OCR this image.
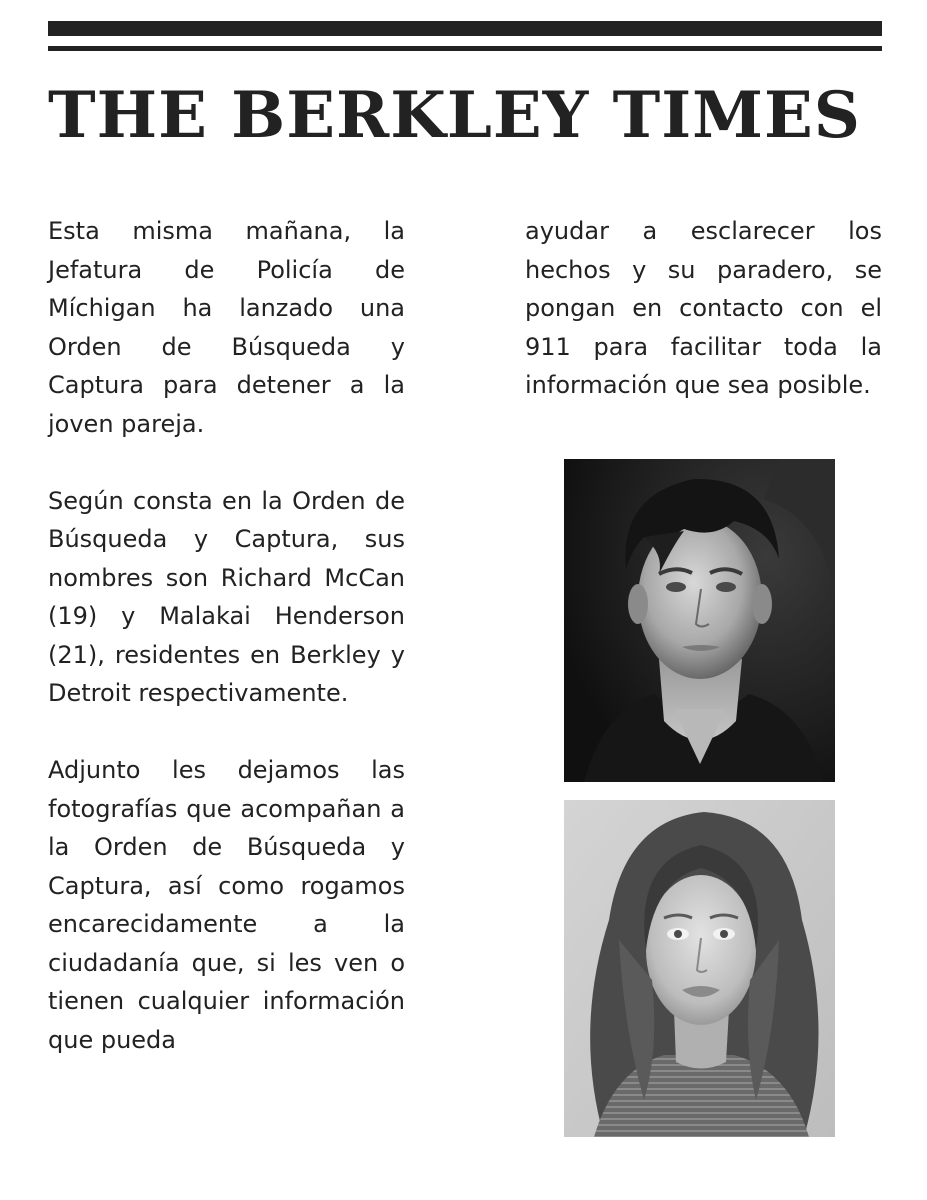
THE BERKLEY TIMES

Esta misma mañana, la Jefatura de Policía de Míchigan ha lanzado una Orden de Búsqueda y Captura para detener a la joven pareja.

Según consta en la Orden de Búsqueda y Captura, sus nombres son Richard McCan (19) y Malakai Henderson (21), residentes en Berkley y Detroit respectivamente.

Adjunto les dejamos las fotografías que acompañan a la Orden de Búsqueda y Captura, así como rogamos encarecidamente a la ciudadanía que, si les ven o tienen cualquier información que pueda

ayudar a esclarecer los hechos y su paradero, se pongan en contacto con el 911 para facilitar toda la información que sea posible.
